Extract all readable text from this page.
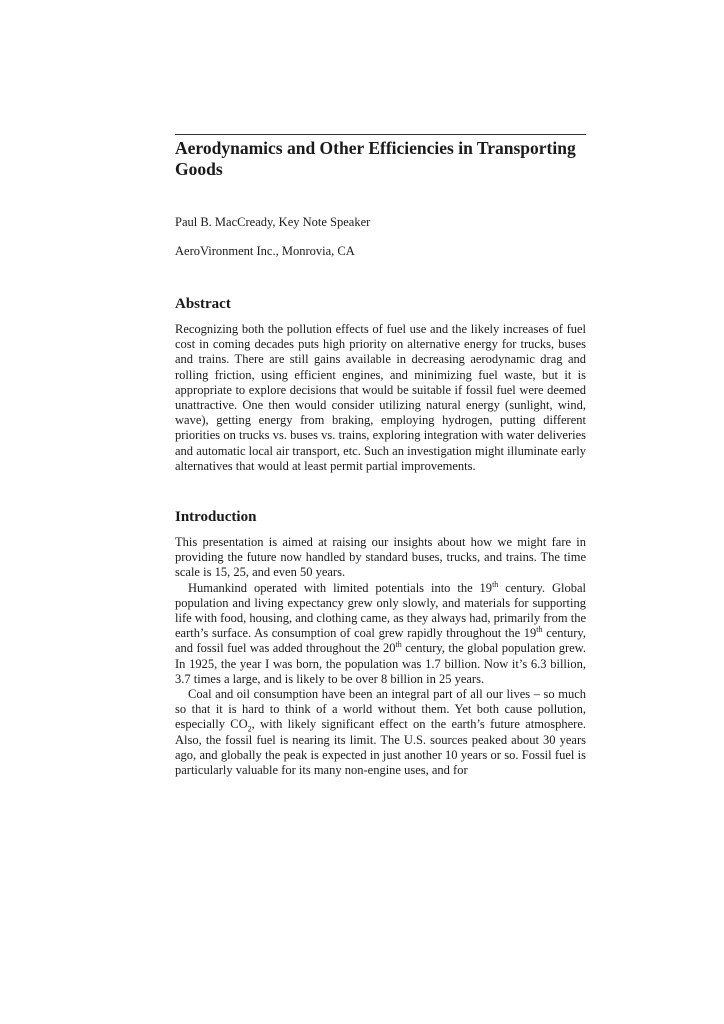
Aerodynamics and Other Efficiencies in Transporting Goods

Paul B. MacCready, Key Note Speaker

AeroVironment Inc., Monrovia, CA

Abstract

Recognizing both the pollution effects of fuel use and the likely increases of fuel cost in coming decades puts high priority on alternative energy for trucks, buses and trains. There are still gains available in decreasing aerodynamic drag and rolling friction, using efficient engines, and minimizing fuel waste, but it is appropriate to explore decisions that would be suitable if fossil fuel were deemed unattractive. One then would consider utilizing natural energy (sunlight, wind, wave), getting energy from braking, employing hydrogen, putting different priorities on trucks vs. buses vs. trains, exploring integration with water deliveries and automatic local air transport, etc. Such an investigation might illuminate early alternatives that would at least permit partial improvements.

Introduction

This presentation is aimed at raising our insights about how we might fare in providing the future now handled by standard buses, trucks, and trains. The time scale is 15, 25, and even 50 years.

Humankind operated with limited potentials into the 19th century. Global population and living expectancy grew only slowly, and materials for supporting life with food, housing, and clothing came, as they always had, primarily from the earth’s surface. As consumption of coal grew rapidly throughout the 19th century, and fossil fuel was added throughout the 20th century, the global population grew. In 1925, the year I was born, the population was 1.7 billion. Now it’s 6.3 billion, 3.7 times a large, and is likely to be over 8 billion in 25 years.

Coal and oil consumption have been an integral part of all our lives – so much so that it is hard to think of a world without them. Yet both cause pollution, especially $CO_2$, with likely significant effect on the earth’s future atmosphere. Also, the fossil fuel is nearing its limit. The U.S. sources peaked about 30 years ago, and globally the peak is expected in just another 10 years or so. Fossil fuel is particularly valuable for its many non-engine uses, and for
